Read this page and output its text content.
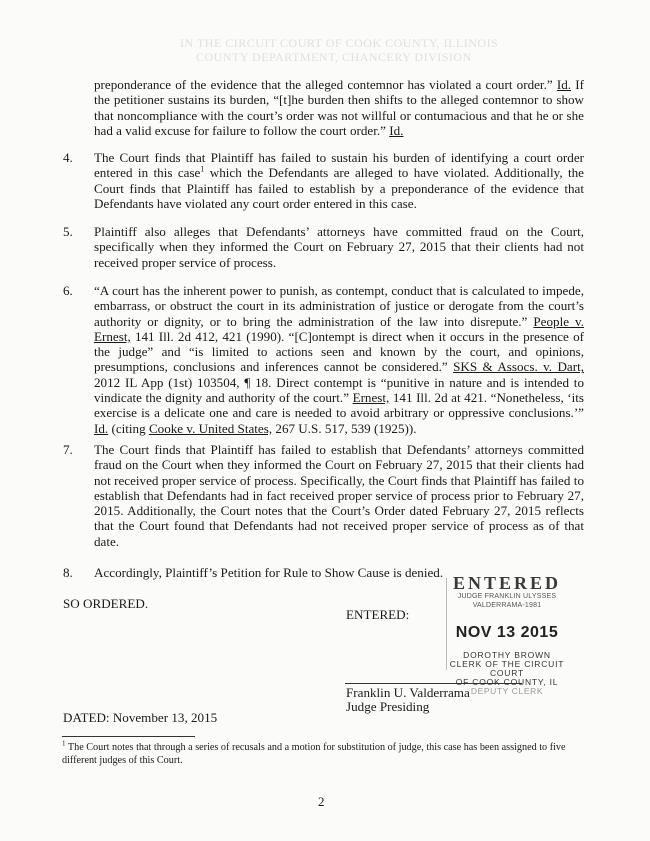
IN THE CIRCUIT COURT OF COOK COUNTY, ILLINOIS
COUNTY DEPARTMENT, CHANCERY DIVISION
preponderance of the evidence that the alleged contemnor has violated a court order.” Id. If the petitioner sustains its burden, “[t]he burden then shifts to the alleged contemnor to show that noncompliance with the court’s order was not willful or contumacious and that he or she had a valid excuse for failure to follow the court order.” Id.
4.	The Court finds that Plaintiff has failed to sustain his burden of identifying a court order entered in this case$^1$ which the Defendants are alleged to have violated. Additionally, the Court finds that Plaintiff has failed to establish by a preponderance of the evidence that Defendants have violated any court order entered in this case.
5.	Plaintiff also alleges that Defendants’ attorneys have committed fraud on the Court, specifically when they informed the Court on February 27, 2015 that their clients had not received proper service of process.
6.	“A court has the inherent power to punish, as contempt, conduct that is calculated to impede, embarrass, or obstruct the court in its administration of justice or derogate from the court’s authority or dignity, or to bring the administration of the law into disrepute.” People v. Ernest, 141 Ill. 2d 412, 421 (1990). “[C]ontempt is direct when it occurs in the presence of the judge” and “is limited to actions seen and known by the court, and opinions, presumptions, conclusions and inferences cannot be considered.” SKS & Assocs. v. Dart, 2012 IL App (1st) 103504, ¶ 18. Direct contempt is “punitive in nature and is intended to vindicate the dignity and authority of the court.” Ernest, 141 Ill. 2d at 421. “Nonetheless, ‘its exercise is a delicate one and care is needed to avoid arbitrary or oppressive conclusions.’” Id. (citing Cooke v. United States, 267 U.S. 517, 539 (1925)).
7.	The Court finds that Plaintiff has failed to establish that Defendants’ attorneys committed fraud on the Court when they informed the Court on February 27, 2015 that their clients had not received proper service of process. Specifically, the Court finds that Plaintiff has failed to establish that Defendants had in fact received proper service of process prior to February 27, 2015. Additionally, the Court notes that the Court’s Order dated February 27, 2015 reflects that the Court found that Defendants had not received proper service of process as of that date.
8.	Accordingly, Plaintiff’s Petition for Rule to Show Cause is denied.
SO ORDERED.
ENTERED:
ENTERED
JUDGE FRANKLIN ULYSSES VALDERRAMA-1981
NOV 13 2015
DOROTHY BROWN
CLERK OF THE CIRCUIT COURT
OF COOK COUNTY, IL
DEPUTY CLERK
Franklin U. Valderrama
Judge Presiding
DATED: November 13, 2015
$^1$ The Court notes that through a series of recusals and a motion for substitution of judge, this case has been assigned to five different judges of this Court.
2
